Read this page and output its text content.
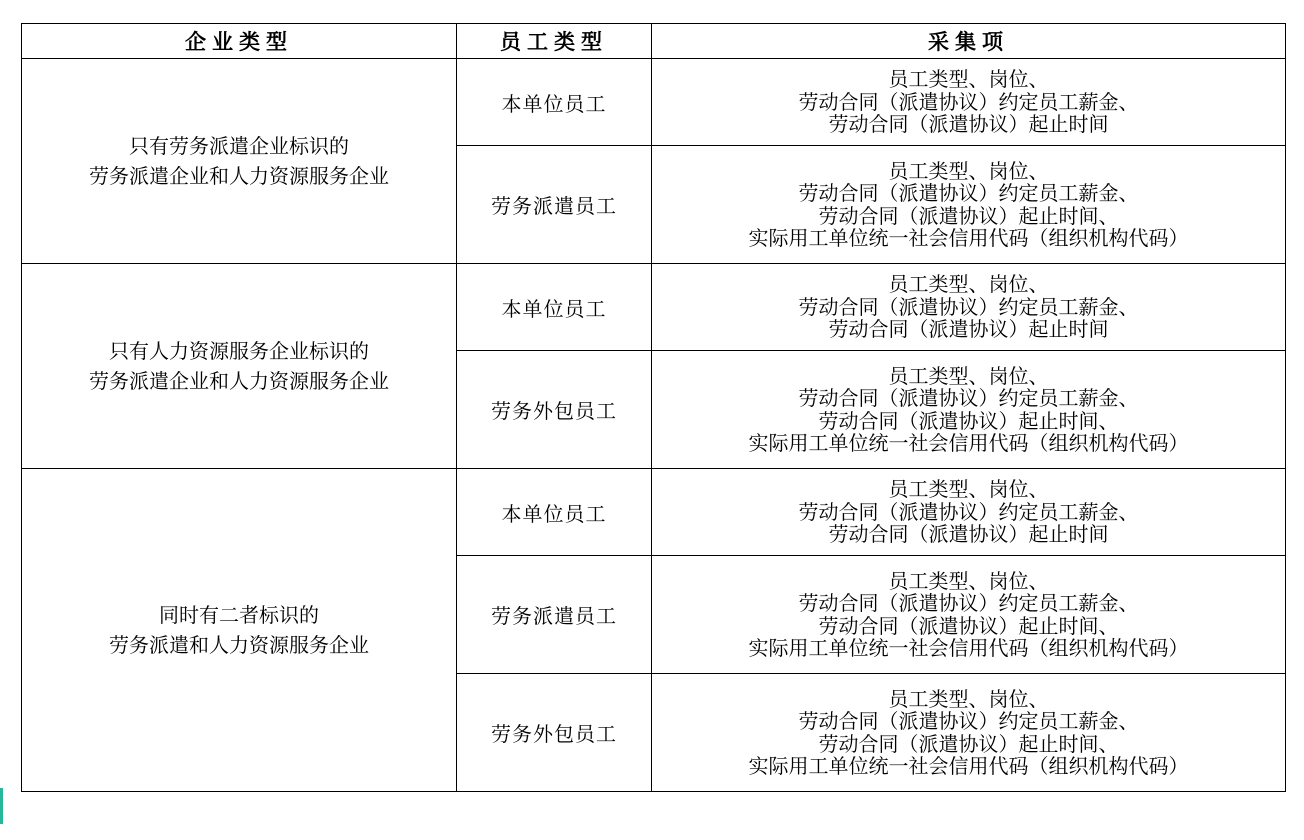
企业类型	员工类型	采集项

只有劳务派遣企业标识的
劳务派遣企业和人力资源服务企业	本单位员工	员工类型、岗位、
劳动合同（派遣协议）约定员工薪金、
劳动合同（派遣协议）起止时间

	劳务派遣员工	员工类型、岗位、
劳动合同（派遣协议）约定员工薪金、
劳动合同（派遣协议）起止时间、
实际用工单位统一社会信用代码（组织机构代码）

只有人力资源服务企业标识的
劳务派遣企业和人力资源服务企业	本单位员工	员工类型、岗位、
劳动合同（派遣协议）约定员工薪金、
劳动合同（派遣协议）起止时间

	劳务外包员工	员工类型、岗位、
劳动合同（派遣协议）约定员工薪金、
劳动合同（派遣协议）起止时间、
实际用工单位统一社会信用代码（组织机构代码）

同时有二者标识的
劳务派遣和人力资源服务企业	本单位员工	员工类型、岗位、
劳动合同（派遣协议）约定员工薪金、
劳动合同（派遣协议）起止时间

	劳务派遣员工	员工类型、岗位、
劳动合同（派遣协议）约定员工薪金、
劳动合同（派遣协议）起止时间、
实际用工单位统一社会信用代码（组织机构代码）

	劳务外包员工	员工类型、岗位、
劳动合同（派遣协议）约定员工薪金、
劳动合同（派遣协议）起止时间、
实际用工单位统一社会信用代码（组织机构代码）
